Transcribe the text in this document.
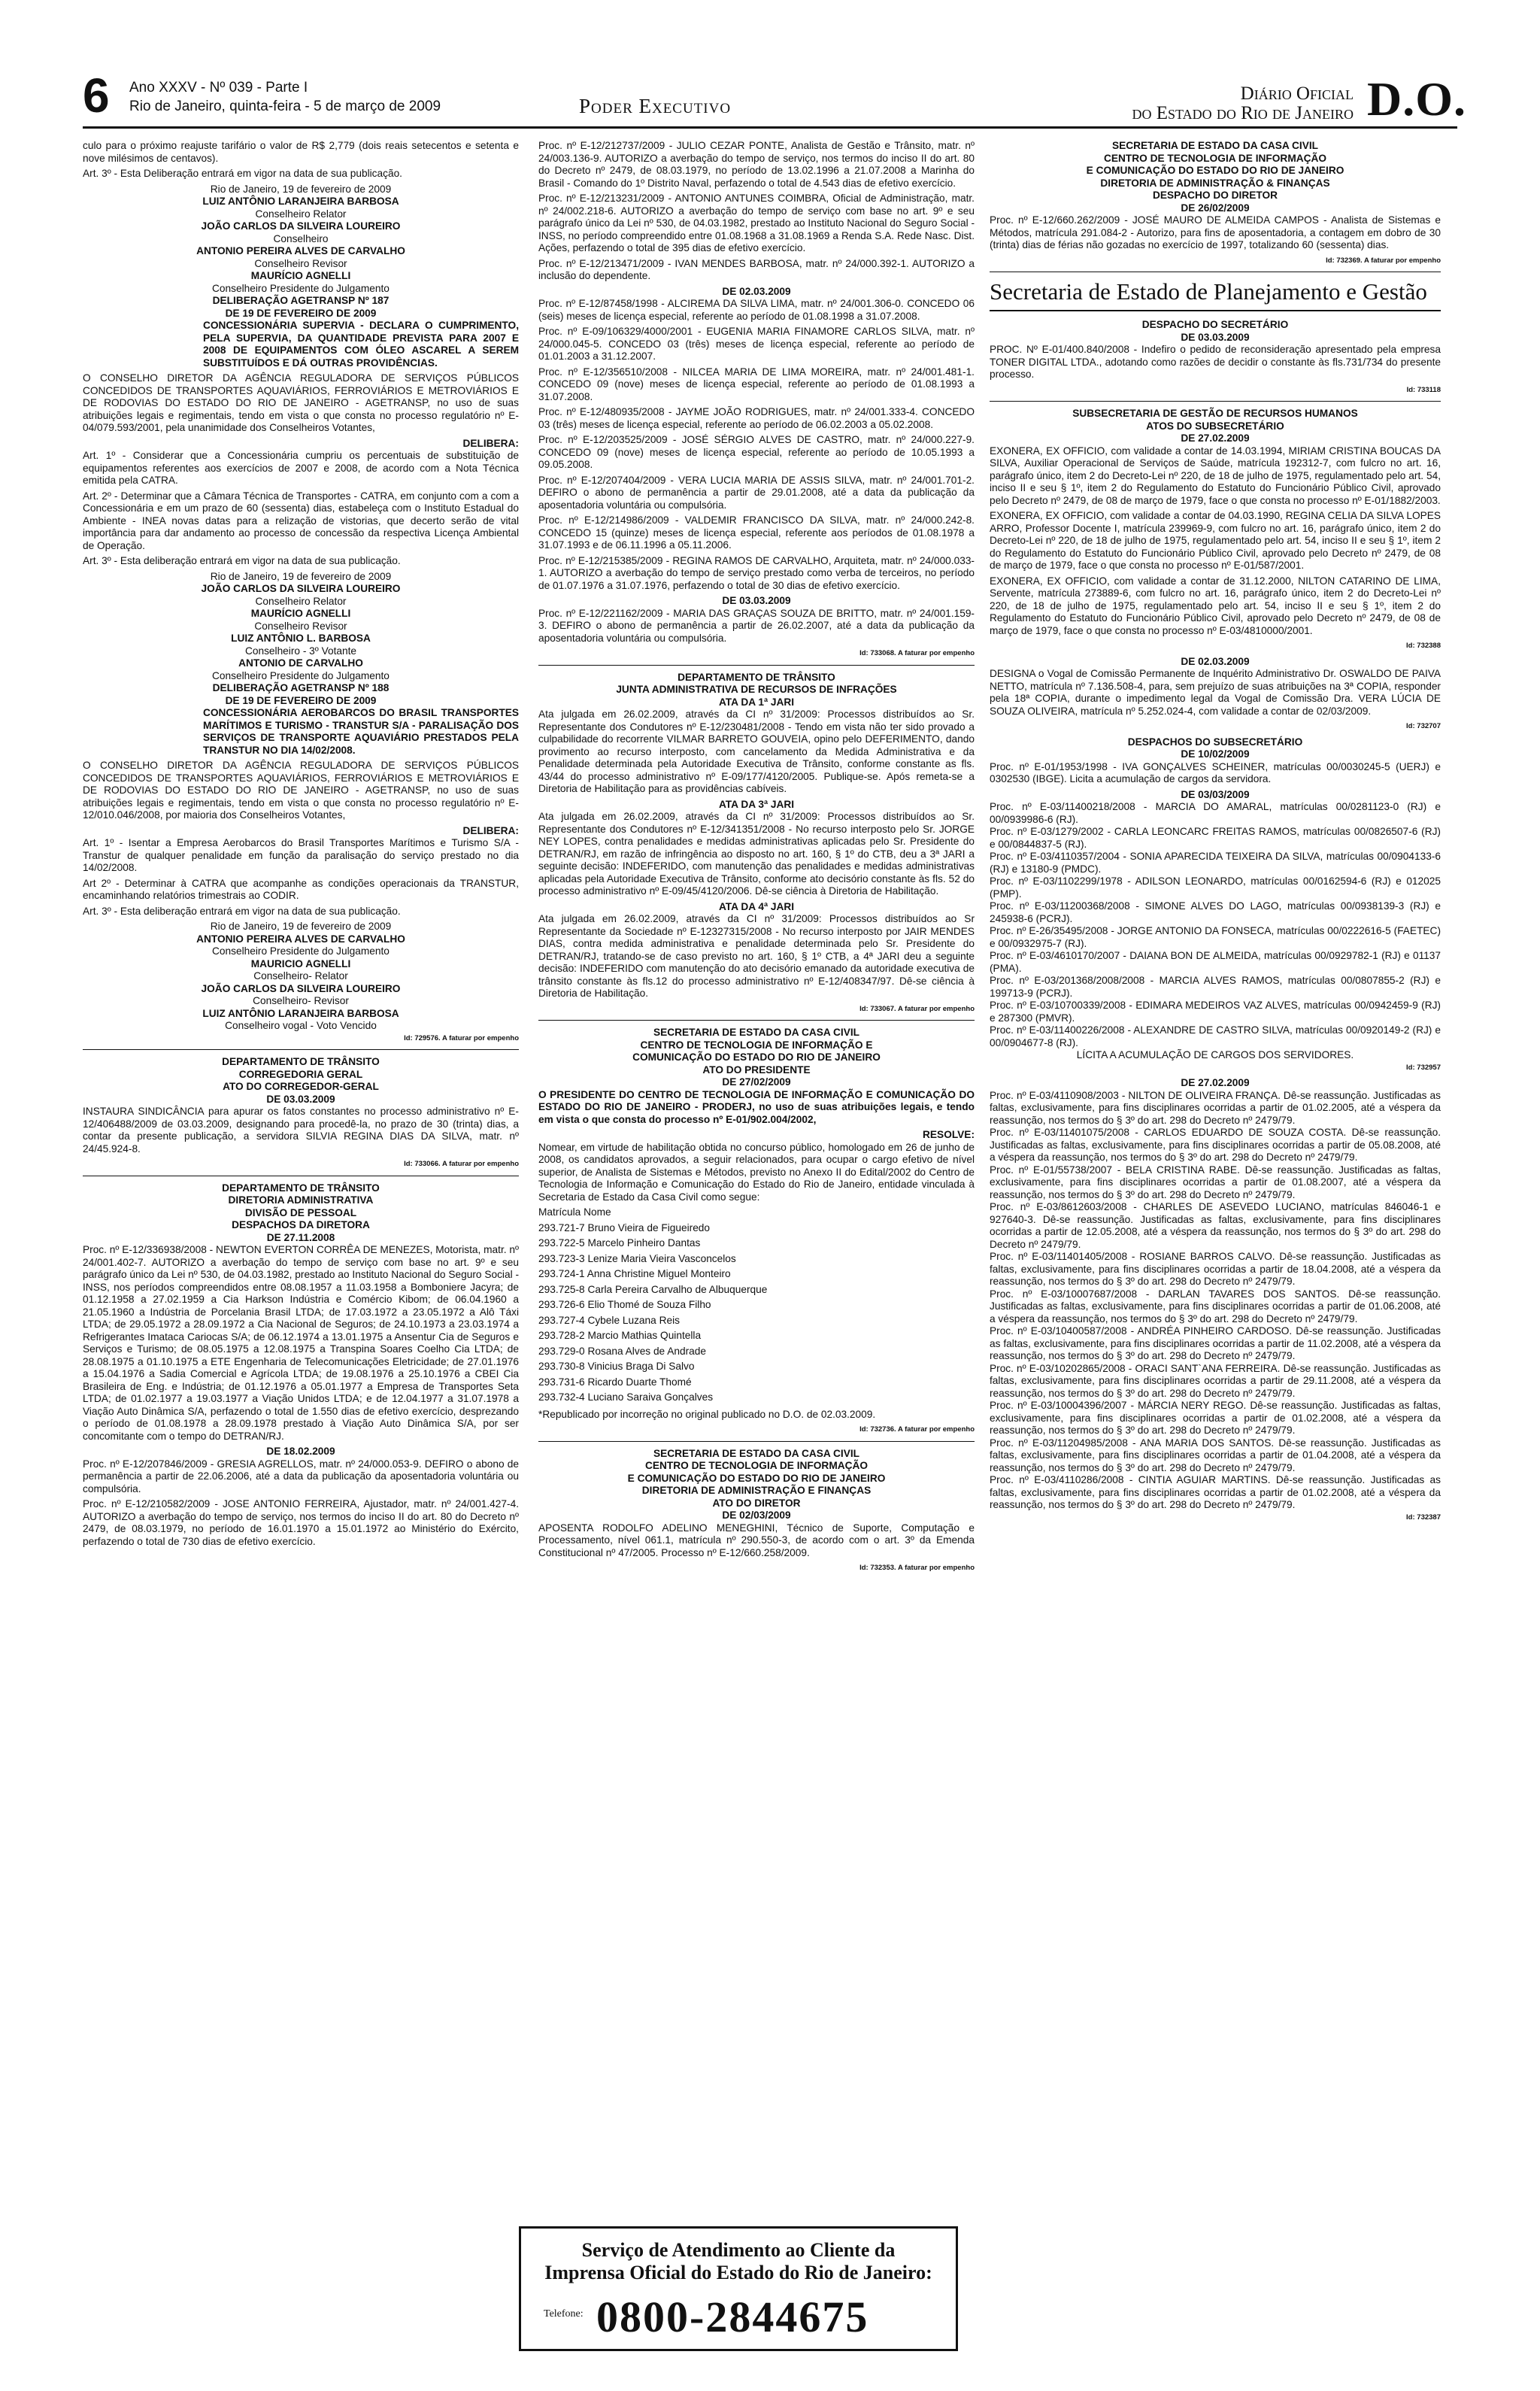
6 Ano XXXV - Nº 039 - Parte I
Rio de Janeiro, quinta-feira - 5 de março de 2009	Poder Executivo
Diário Oficial
do Estado do Rio de Janeiro D.O.

culo para o próximo reajuste tarifário o valor de R$ 2,779 (dois reais setecentos e setenta e nove milésimos de centavos).

Art. 3º - Esta Deliberação entrará em vigor na data de sua publicação.

Rio de Janeiro, 19 de fevereiro de 2009

LUIZ ANTÔNIO LARANJEIRA BARBOSA

Conselheiro Relator

JOÃO CARLOS DA SILVEIRA LOUREIRO

Conselheiro

ANTONIO PEREIRA ALVES DE CARVALHO

Conselheiro Revisor

MAURÍCIO AGNELLI

Conselheiro Presidente do Julgamento

DELIBERAÇÃO AGETRANSP Nº 187

DE 19 DE FEVEREIRO DE 2009

CONCESSIONÁRIA SUPERVIA - DECLARA O CUMPRIMENTO, PELA SUPERVIA, DA QUANTIDADE PREVISTA PARA 2007 E 2008 DE EQUIPAMENTOS COM ÓLEO ASCAREL A SEREM SUBSTITUÍDOS E DÁ OUTRAS PROVIDÊNCIAS.

O CONSELHO DIRETOR DA AGÊNCIA REGULADORA DE SERVIÇOS PÚBLICOS CONCEDIDOS DE TRANSPORTES AQUAVIÁRIOS, FERROVIÁRIOS E METROVIÁRIOS E DE RODOVIAS DO ESTADO DO RIO DE JANEIRO - AGETRANSP, no uso de suas atribuições legais e regimentais, tendo em vista o que consta no processo regulatório nº E-04/079.593/2001, pela unanimidade dos Conselheiros Votantes,

DELIBERA:

Art. 1º - Considerar que a Concessionária cumpriu os percentuais de substituição de equipamentos referentes aos exercícios de 2007 e 2008, de acordo com a Nota Técnica emitida pela CATRA.

Art. 2º - Determinar que a Câmara Técnica de Transportes - CATRA, em conjunto com a com a Concessionária e em um prazo de 60 (sessenta) dias, estabeleça com o Instituto Estadual do Ambiente - INEA novas datas para a relização de vistorias, que decerto serão de vital importância para dar andamento ao processo de concessão da respectiva Licença Ambiental de Operação.

Art. 3º - Esta deliberação entrará em vigor na data de sua publicação.

Rio de Janeiro, 19 de fevereiro de 2009

JOÃO CARLOS DA SILVEIRA LOUREIRO

Conselheiro Relator

MAURÍCIO AGNELLI

Conselheiro Revisor

LUIZ ANTÔNIO L. BARBOSA

Conselheiro - 3º Votante

ANTONIO DE CARVALHO

Conselheiro Presidente do Julgamento

DELIBERAÇÃO AGETRANSP Nº 188

DE 19 DE FEVEREIRO DE 2009

CONCESSIONÁRIA AEROBARCOS DO BRASIL TRANSPORTES MARÍTIMOS E TURISMO - TRANSTUR S/A - PARALISAÇÃO DOS SERVIÇOS DE TRANSPORTE AQUAVIÁRIO PRESTADOS PELA TRANSTUR NO DIA 14/02/2008.

O CONSELHO DIRETOR DA AGÊNCIA REGULADORA DE SERVIÇOS PÚBLICOS CONCEDIDOS DE TRANSPORTES AQUAVIÁRIOS, FERROVIÁRIOS E METROVIÁRIOS E DE RODOVIAS DO ESTADO DO RIO DE JANEIRO - AGETRANSP, no uso de suas atribuições legais e regimentais, tendo em vista o que consta no processo regulatório nº E-12/010.046/2008, por maioria dos Conselheiros Votantes,

DELIBERA:

Art. 1º - Isentar a Empresa Aerobarcos do Brasil Transportes Marítimos e Turismo S/A - Transtur de qualquer penalidade em função da paralisação do serviço prestado no dia 14/02/2008.

Art 2º - Determinar à CATRA que acompanhe as condições operacionais da TRANSTUR, encaminhando relatórios trimestrais ao CODIR.

Art. 3º - Esta deliberação entrará em vigor na data de sua publicação.

Rio de Janeiro, 19 de fevereiro de 2009

ANTONIO PEREIRA ALVES DE CARVALHO

Conselheiro Presidente do Julgamento

MAURICIO AGNELLI

Conselheiro- Relator

JOÃO CARLOS DA SILVEIRA LOUREIRO

Conselheiro- Revisor

LUIZ ANTÔNIO LARANJEIRA BARBOSA

Conselheiro vogal - Voto Vencido

Id: 729576. A faturar por empenho

DEPARTAMENTO DE TRÂNSITO

CORREGEDORIA GERAL

ATO DO CORREGEDOR-GERAL

DE 03.03.2009

INSTAURA SINDICÂNCIA para apurar os fatos constantes no processo administrativo nº E-12/406488/2009 de 03.03.2009, designando para procedê-la, no prazo de 30 (trinta) dias, a contar da presente publicação, a servidora SILVIA REGINA DIAS DA SILVA, matr. nº 24/45.924-8.

Id: 733066. A faturar por empenho

DEPARTAMENTO DE TRÂNSITO

DIRETORIA ADMINISTRATIVA

DIVISÃO DE PESSOAL

DESPACHOS DA DIRETORA

DE 27.11.2008

Proc. nº E-12/336938/2008 - NEWTON EVERTON CORRÊA DE MENEZES, Motorista, matr. nº 24/001.402-7. AUTORIZO a averbação do tempo de serviço com base no art. 9º e seu parágrafo único da Lei nº 530, de 04.03.1982, prestado ao Instituto Nacional do Seguro Social - INSS, nos períodos compreendidos entre 08.08.1957 a 11.03.1958 a Bomboniere Jacyra; de 01.12.1958 a 27.02.1959 a Cia Harkson Indústria e Comércio Kibom; de 06.04.1960 a 21.05.1960 a Indústria de Porcelania Brasil LTDA; de 17.03.1972 a 23.05.1972 a Alô Táxi LTDA; de 29.05.1972 a 28.09.1972 a Cia Nacional de Seguros; de 24.10.1973 a 23.03.1974 a Refrigerantes Imataca Cariocas S/A; de 06.12.1974 a 13.01.1975 a Ansentur Cia de Seguros e Serviços e Turismo; de 08.05.1975 a 12.08.1975 a Transpina Soares Coelho Cia LTDA; de 28.08.1975 a 01.10.1975 a ETE Engenharia de Telecomunicações Eletricidade; de 27.01.1976 a 15.04.1976 a Sadia Comercial e Agrícola LTDA; de 19.08.1976 a 25.10.1976 a CBEI Cia Brasileira de Eng. e Indústria; de 01.12.1976 a 05.01.1977 a Empresa de Transportes Seta LTDA; de 01.02.1977 a 19.03.1977 a Viação Unidos LTDA; e de 12.04.1977 a 31.07.1978 a Viação Auto Dinâmica S/A, perfazendo o total de 1.550 dias de efetivo exercício, desprezando o período de 01.08.1978 a 28.09.1978 prestado à Viação Auto Dinâmica S/A, por ser concomitante com o tempo do DETRAN/RJ.

DE 18.02.2009

Proc. nº E-12/207846/2009 - GRESIA AGRELLOS, matr. nº 24/000.053-9. DEFIRO o abono de permanência a partir de 22.06.2006, até a data da publicação da aposentadoria voluntária ou compulsória.

Proc. nº E-12/210582/2009 - JOSE ANTONIO FERREIRA, Ajustador, matr. nº 24/001.427-4. AUTORIZO a averbação do tempo de serviço, nos termos do inciso II do art. 80 do Decreto nº 2479, de 08.03.1979, no período de 16.01.1970 a 15.01.1972 ao Ministério do Exército, perfazendo o total de 730 dias de efetivo exercício.

Proc. nº E-12/212737/2009 - JULIO CEZAR PONTE, Analista de Gestão e Trânsito, matr. nº 24/003.136-9. AUTORIZO a averbação do tempo de serviço, nos termos do inciso II do art. 80 do Decreto nº 2479, de 08.03.1979, no período de 13.02.1996 a 21.07.2008 a Marinha do Brasil - Comando do 1º Distrito Naval, perfazendo o total de 4.543 dias de efetivo exercício.

Proc. nº E-12/213231/2009 - ANTONIO ANTUNES COIMBRA, Oficial de Administração, matr. nº 24/002.218-6. AUTORIZO a averbação do tempo de serviço com base no art. 9º e seu parágrafo único da Lei nº 530, de 04.03.1982, prestado ao Instituto Nacional do Seguro Social - INSS, no período compreendido entre 01.08.1968 a 31.08.1969 a Renda S.A. Rede Nasc. Dist. Ações, perfazendo o total de 395 dias de efetivo exercício.

Proc. nº E-12/213471/2009 - IVAN MENDES BARBOSA, matr. nº 24/000.392-1. AUTORIZO a inclusão do dependente.

DE 02.03.2009

Proc. nº E-12/87458/1998 - ALCIREMA DA SILVA LIMA, matr. nº 24/001.306-0. CONCEDO 06 (seis) meses de licença especial, referente ao período de 01.08.1998 a 31.07.2008.

Proc. nº E-09/106329/4000/2001 - EUGENIA MARIA FINAMORE CARLOS SILVA, matr. nº 24/000.045-5. CONCEDO 03 (três) meses de licença especial, referente ao período de 01.01.2003 a 31.12.2007.

Proc. nº E-12/356510/2008 - NILCEA MARIA DE LIMA MOREIRA, matr. nº 24/001.481-1. CONCEDO 09 (nove) meses de licença especial, referente ao período de 01.08.1993 a 31.07.2008.

Proc. nº E-12/480935/2008 - JAYME JOÃO RODRIGUES, matr. nº 24/001.333-4. CONCEDO 03 (três) meses de licença especial, referente ao período de 06.02.2003 a 05.02.2008.

Proc. nº E-12/203525/2009 - JOSÉ SÉRGIO ALVES DE CASTRO, matr. nº 24/000.227-9. CONCEDO 09 (nove) meses de licença especial, referente ao período de 10.05.1993 a 09.05.2008.

Proc. nº E-12/207404/2009 - VERA LUCIA MARIA DE ASSIS SILVA, matr. nº 24/001.701-2. DEFIRO o abono de permanência a partir de 29.01.2008, até a data da publicação da aposentadoria voluntária ou compulsória.

Proc. nº E-12/214986/2009 - VALDEMIR FRANCISCO DA SILVA, matr. nº 24/000.242-8. CONCEDO 15 (quinze) meses de licença especial, referente aos períodos de 01.08.1978 a 31.07.1993 e de 06.11.1996 a 05.11.2006.

Proc. nº E-12/215385/2009 - REGINA RAMOS DE CARVALHO, Arquiteta, matr. nº 24/000.033-1. AUTORIZO a averbação do tempo de serviço prestado como verba de terceiros, no período de 01.07.1976 a 31.07.1976, perfazendo o total de 30 dias de efetivo exercício.

DE 03.03.2009

Proc. nº E-12/221162/2009 - MARIA DAS GRAÇAS SOUZA DE BRITTO, matr. nº 24/001.159-3. DEFIRO o abono de permanência a partir de 26.02.2007, até a data da publicação da aposentadoria voluntária ou compulsória.

Id: 733068. A faturar por empenho

DEPARTAMENTO DE TRÂNSITO

JUNTA ADMINISTRATIVA DE RECURSOS DE INFRAÇÕES

ATA DA 1ª JARI

Ata julgada em 26.02.2009, através da CI nº 31/2009: Processos distribuídos ao Sr. Representante dos Condutores nº E-12/230481/2008 - Tendo em vista não ter sido provado a culpabilidade do recorrente VILMAR BARRETO GOUVEIA, opino pelo DEFERIMENTO, dando provimento ao recurso interposto, com cancelamento da Medida Administrativa e da Penalidade determinada pela Autoridade Executiva de Trânsito, conforme constante as fls. 43/44 do processo administrativo nº E-09/177/4120/2005. Publique-se. Após remeta-se a Diretoria de Habilitação para as providências cabíveis.

ATA DA 3ª JARI

Ata julgada em 26.02.2009, através da CI nº 31/2009: Processos distribuídos ao Sr. Representante dos Condutores nº E-12/341351/2008 - No recurso interposto pelo Sr. JORGE NEY LOPES, contra penalidades e medidas administrativas aplicadas pelo Sr. Presidente do DETRAN/RJ, em razão de infringência ao disposto no art. 160, § 1º do CTB, deu a 3ª JARI a seguinte decisão: INDEFERIDO, com manutenção das penalidades e medidas administrativas aplicadas pela Autoridade Executiva de Trânsito, conforme ato decisório constante às fls. 52 do processo administrativo nº E-09/45/4120/2006. Dê-se ciência à Diretoria de Habilitação.

ATA DA 4ª JARI

Ata julgada em 26.02.2009, através da CI nº 31/2009: Processos distribuídos ao Sr Representante da Sociedade nº E-12327315/2008 - No recurso interposto por JAIR MENDES DIAS, contra medida administrativa e penalidade determinada pelo Sr. Presidente do DETRAN/RJ, tratando-se de caso previsto no art. 160, § 1º CTB, a 4ª JARI deu a seguinte decisão: INDEFERIDO com manutenção do ato decisório emanado da autoridade executiva de trânsito constante às fls.12 do processo administrativo nº E-12/408347/97. Dê-se ciência à Diretoria de Habilitação.

Id: 733067. A faturar por empenho

SECRETARIA DE ESTADO DA CASA CIVIL

CENTRO DE TECNOLOGIA DE INFORMAÇÃO E

COMUNICAÇÃO DO ESTADO DO RIO DE JANEIRO

ATO DO PRESIDENTE

DE 27/02/2009

O PRESIDENTE DO CENTRO DE TECNOLOGIA DE INFORMAÇÃO E COMUNICAÇÃO DO ESTADO DO RIO DE JANEIRO - PRODERJ, no uso de suas atribuições legais, e tendo em vista o que consta do processo nº E-01/902.004/2002,

RESOLVE:

Nomear, em virtude de habilitação obtida no concurso público, homologado em 26 de junho de 2008, os candidatos aprovados, a seguir relacionados, para ocupar o cargo efetivo de nível superior, de Analista de Sistemas e Métodos, previsto no Anexo II do Edital/2002 do Centro de Tecnologia de Informação e Comunicação do Estado do Rio de Janeiro, entidade vinculada à Secretaria de Estado da Casa Civil como segue:

Matrícula Nome

293.721-7 Bruno Vieira de Figueiredo

293.722-5 Marcelo Pinheiro Dantas

293.723-3 Lenize Maria Vieira Vasconcelos

293.724-1 Anna Christine Miguel Monteiro

293.725-8 Carla Pereira Carvalho de Albuquerque

293.726-6 Elio Thomé de Souza Filho

293.727-4 Cybele Luzana Reis

293.728-2 Marcio Mathias Quintella

293.729-0 Rosana Alves de Andrade

293.730-8 Vinicius Braga Di Salvo

293.731-6 Ricardo Duarte Thomé

293.732-4 Luciano Saraiva Gonçalves

*Republicado por incorreção no original publicado no D.O. de 02.03.2009.

Id: 732736. A faturar por empenho

SECRETARIA DE ESTADO DA CASA CIVIL

CENTRO DE TECNOLOGIA DE INFORMAÇÃO

E COMUNICAÇÃO DO ESTADO DO RIO DE JANEIRO

DIRETORIA DE ADMINISTRAÇÃO E FINANÇAS

ATO DO DIRETOR

DE 02/03/2009

APOSENTA RODOLFO ADELINO MENEGHINI, Técnico de Suporte, Computação e Processamento, nível 061.1, matrícula nº 290.550-3, de acordo com o art. 3º da Emenda Constitucional nº 47/2005. Processo nº E-12/660.258/2009.

Id: 732353. A faturar por empenho

Serviço de Atendimento ao Cliente da
Imprensa Oficial do Estado do Rio de Janeiro:
Telefone: 0800-2844675

SECRETARIA DE ESTADO DA CASA CIVIL

CENTRO DE TECNOLOGIA DE INFORMAÇÃO

E COMUNICAÇÃO DO ESTADO DO RIO DE JANEIRO

DIRETORIA DE ADMINISTRAÇÃO & FINANÇAS

DESPACHO DO DIRETOR

DE 26/02/2009

Proc. nº E-12/660.262/2009 - JOSÉ MAURO DE ALMEIDA CAMPOS - Analista de Sistemas e Métodos, matrícula 291.084-2 - Autorizo, para fins de aposentadoria, a contagem em dobro de 30 (trinta) dias de férias não gozadas no exercício de 1997, totalizando 60 (sessenta) dias.

Id: 732369. A faturar por empenho

Secretaria de Estado de Planejamento e Gestão

DESPACHO DO SECRETÁRIO

DE 03.03.2009

PROC. Nº E-01/400.840/2008 - Indefiro o pedido de reconsideração apresentado pela empresa TONER DIGITAL LTDA., adotando como razões de decidir o constante às fls.731/734 do presente processo.

Id: 733118

SUBSECRETARIA DE GESTÃO DE RECURSOS HUMANOS

ATOS DO SUBSECRETÁRIO

DE 27.02.2009

EXONERA, EX OFFICIO, com validade a contar de 14.03.1994, MIRIAM CRISTINA BOUCAS DA SILVA, Auxiliar Operacional de Serviços de Saúde, matrícula 192312-7, com fulcro no art. 16, parágrafo único, item 2 do Decreto-Lei nº 220, de 18 de julho de 1975, regulamentado pelo art. 54, inciso II e seu § 1º, item 2 do Regulamento do Estatuto do Funcionário Público Civil, aprovado pelo Decreto nº 2479, de 08 de março de 1979, face o que consta no processo nº E-01/1882/2003.

EXONERA, EX OFFICIO, com validade a contar de 04.03.1990, REGINA CELIA DA SILVA LOPES ARRO, Professor Docente I, matrícula 239969-9, com fulcro no art. 16, parágrafo único, item 2 do Decreto-Lei nº 220, de 18 de julho de 1975, regulamentado pelo art. 54, inciso II e seu § 1º, item 2 do Regulamento do Estatuto do Funcionário Público Civil, aprovado pelo Decreto nº 2479, de 08 de março de 1979, face o que consta no processo nº E-01/587/2001.

EXONERA, EX OFFICIO, com validade a contar de 31.12.2000, NILTON CATARINO DE LIMA, Servente, matrícula 273889-6, com fulcro no art. 16, parágrafo único, item 2 do Decreto-Lei nº 220, de 18 de julho de 1975, regulamentado pelo art. 54, inciso II e seu § 1º, item 2 do Regulamento do Estatuto do Funcionário Público Civil, aprovado pelo Decreto nº 2479, de 08 de março de 1979, face o que consta no processo nº E-03/4810000/2001.

Id: 732388

DE 02.03.2009

DESIGNA o Vogal de Comissão Permanente de Inquérito Administrativo Dr. OSWALDO DE PAIVA NETTO, matrícula nº 7.136.508-4, para, sem prejuízo de suas atribuições na 3ª COPIA, responder pela 18ª COPIA, durante o impedimento legal da Vogal de Comissão Dra. VERA LÚCIA DE SOUZA OLIVEIRA, matrícula nº 5.252.024-4, com validade a contar de 02/03/2009.

Id: 732707

DESPACHOS DO SUBSECRETÁRIO

DE 10/02/2009

Proc. nº E-01/1953/1998 - IVA GONÇALVES SCHEINER, matrículas 00/0030245-5 (UERJ) e 0302530 (IBGE). Licita a acumulação de cargos da servidora.

DE 03/03/2009

Proc. nº E-03/11400218/2008 - MARCIA DO AMARAL, matrículas 00/0281123-0 (RJ) e 00/0939986-6 (RJ).

Proc. nº E-03/1279/2002 - CARLA LEONCARC FREITAS RAMOS, matrículas 00/0826507-6 (RJ) e 00/0844837-5 (RJ).

Proc. nº E-03/4110357/2004 - SONIA APARECIDA TEIXEIRA DA SILVA, matrículas 00/0904133-6 (RJ) e 13180-9 (PMDC).

Proc. nº E-03/1102299/1978 - ADILSON LEONARDO, matrículas 00/0162594-6 (RJ) e 012025 (PMP).

Proc. nº E-03/11200368/2008 - SIMONE ALVES DO LAGO, matrículas 00/0938139-3 (RJ) e 245938-6 (PCRJ).

Proc. nº E-26/35495/2008 - JORGE ANTONIO DA FONSECA, matrículas 00/0222616-5 (FAETEC) e 00/0932975-7 (RJ).

Proc. nº E-03/4610170/2007 - DAIANA BON DE ALMEIDA, matrículas 00/0929782-1 (RJ) e 01137 (PMA).

Proc. nº E-03/201368/2008/2008 - MARCIA ALVES RAMOS, matrículas 00/0807855-2 (RJ) e 199713-9 (PCRJ).

Proc. nº E-03/10700339/2008 - EDIMARA MEDEIROS VAZ ALVES, matrículas 00/0942459-9 (RJ) e 287300 (PMVR).

Proc. nº E-03/11400226/2008 - ALEXANDRE DE CASTRO SILVA, matrículas 00/0920149-2 (RJ) e 00/0904677-8 (RJ).

LÍCITA A ACUMULAÇÃO DE CARGOS DOS SERVIDORES.

Id: 732957

DE 27.02.2009

Proc. nº E-03/4110908/2003 - NILTON DE OLIVEIRA FRANÇA. Dê-se reassunção. Justificadas as faltas, exclusivamente, para fins disciplinares ocorridas a partir de 01.02.2005, até a véspera da reassunção, nos termos do § 3º do art. 298 do Decreto nº 2479/79.

Proc. nº E-03/11401075/2008 - CARLOS EDUARDO DE SOUZA COSTA. Dê-se reassunção. Justificadas as faltas, exclusivamente, para fins disciplinares ocorridas a partir de 05.08.2008, até a véspera da reassunção, nos termos do § 3º do art. 298 do Decreto nº 2479/79.

Proc. nº E-01/55738/2007 - BELA CRISTINA RABE. Dê-se reassunção. Justificadas as faltas, exclusivamente, para fins disciplinares ocorridas a partir de 01.08.2007, até a véspera da reassunção, nos termos do § 3º do art. 298 do Decreto nº 2479/79.

Proc. nº E-03/8612603/2008 - CHARLES DE ASEVEDO LUCIANO, matrículas 846046-1 e 927640-3. Dê-se reassunção. Justificadas as faltas, exclusivamente, para fins disciplinares ocorridas a partir de 12.05.2008, até a véspera da reassunção, nos termos do § 3º do art. 298 do Decreto nº 2479/79.

Proc. nº E-03/11401405/2008 - ROSIANE BARROS CALVO. Dê-se reassunção. Justificadas as faltas, exclusivamente, para fins disciplinares ocorridas a partir de 18.04.2008, até a véspera da reassunção, nos termos do § 3º do art. 298 do Decreto nº 2479/79.

Proc. nº E-03/10007687/2008 - DARLAN TAVARES DOS SANTOS. Dê-se reassunção. Justificadas as faltas, exclusivamente, para fins disciplinares ocorridas a partir de 01.06.2008, até a véspera da reassunção, nos termos do § 3º do art. 298 do Decreto nº 2479/79.

Proc. nº E-03/10400587/2008 - ANDRÉA PINHEIRO CARDOSO. Dê-se reassunção. Justificadas as faltas, exclusivamente, para fins disciplinares ocorridas a partir de 11.02.2008, até a véspera da reassunção, nos termos do § 3º do art. 298 do Decreto nº 2479/79.

Proc. nº E-03/10202865/2008 - ORACI SANT`ANA FERREIRA. Dê-se reassunção. Justificadas as faltas, exclusivamente, para fins disciplinares ocorridas a partir de 29.11.2008, até a véspera da reassunção, nos termos do § 3º do art. 298 do Decreto nº 2479/79.

Proc. nº E-03/10004396/2007 - MÁRCIA NERY REGO. Dê-se reassunção. Justificadas as faltas, exclusivamente, para fins disciplinares ocorridas a partir de 01.02.2008, até a véspera da reassunção, nos termos do § 3º do art. 298 do Decreto nº 2479/79.

Proc. nº E-03/11204985/2008 - ANA MARIA DOS SANTOS. Dê-se reassunção. Justificadas as faltas, exclusivamente, para fins disciplinares ocorridas a partir de 01.04.2008, até a véspera da reassunção, nos termos do § 3º do art. 298 do Decreto nº 2479/79.

Proc. nº E-03/4110286/2008 - CINTIA AGUIAR MARTINS. Dê-se reassunção. Justificadas as faltas, exclusivamente, para fins disciplinares ocorridas a partir de 01.02.2008, até a véspera da reassunção, nos termos do § 3º do art. 298 do Decreto nº 2479/79.

Id: 732387
